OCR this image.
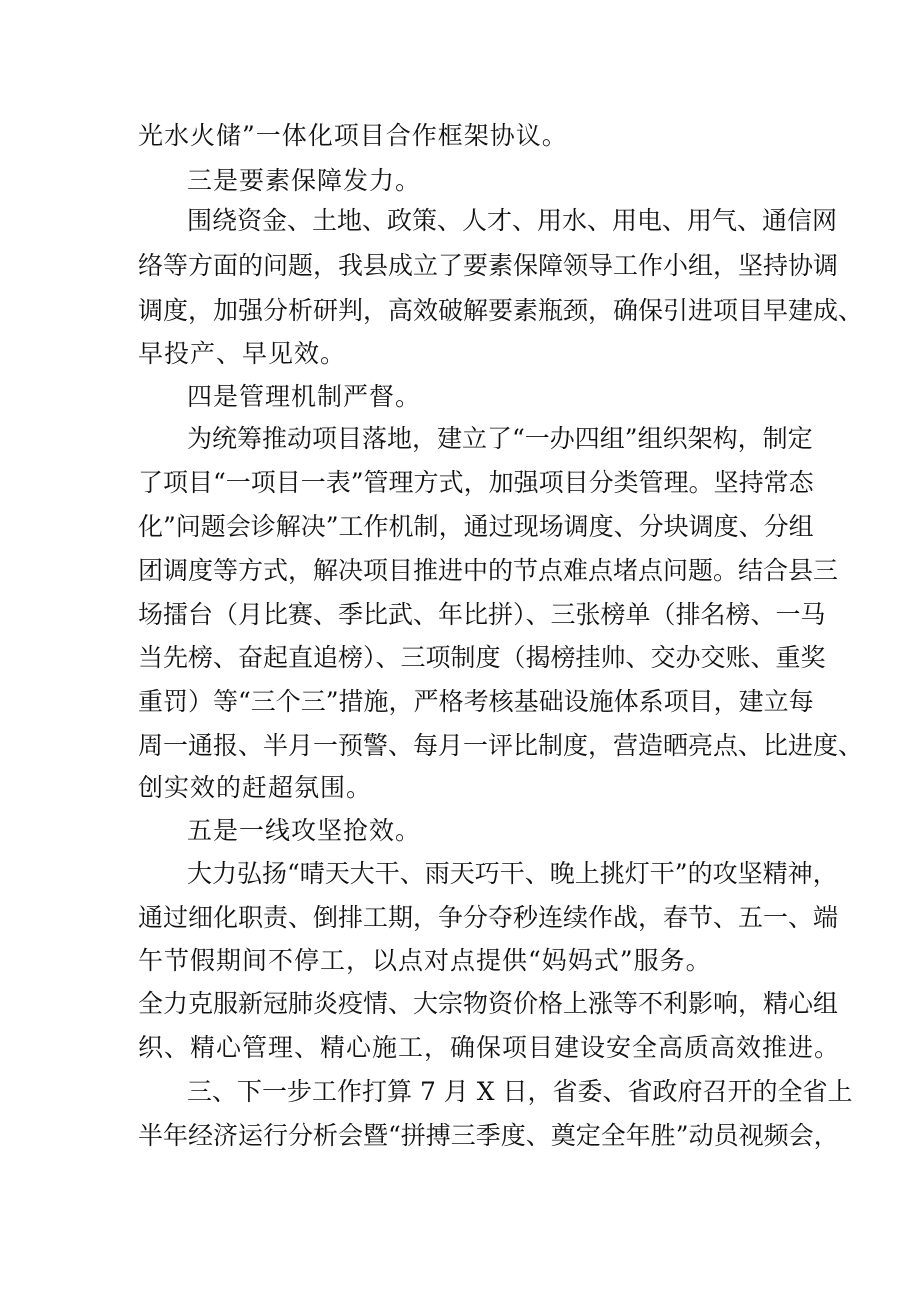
光水火储”一体化项目合作框架协议。

三是要素保障发力。

围绕资金、土地、政策、人才、用水、用电、用气、通信网

络等方面的问题，我县成立了要素保障领导工作小组，坚持协调

调度，加强分析研判，高效破解要素瓶颈，确保引进项目早建成、

早投产、早见效。

四是管理机制严督。

为统筹推动项目落地，建立了“一办四组”组织架构，制定

了项目“一项目一表”管理方式，加强项目分类管理。坚持常态

化”问题会诊解决”工作机制，通过现场调度、分块调度、分组

团调度等方式，解决项目推进中的节点难点堵点问题。结合县三

场擂台（月比赛、季比武、年比拼）、三张榜单（排名榜、一马

当先榜、奋起直追榜）、三项制度（揭榜挂帅、交办交账、重奖

重罚）等“三个三”措施，严格考核基础设施体系项目，建立每

周一通报、半月一预警、每月一评比制度，营造晒亮点、比进度、

创实效的赶超氛围。

五是一线攻坚抢效。

大力弘扬“晴天大干、雨天巧干、晚上挑灯干”的攻坚精神，

通过细化职责、倒排工期，争分夺秒连续作战，春节、五一、端

午节假期间不停工，以点对点提供“妈妈式”服务。

全力克服新冠肺炎疫情、大宗物资价格上涨等不利影响，精心组

织、精心管理、精心施工，确保项目建设安全高质高效推进。

三、下一步工作打算 7 月 X 日，省委、省政府召开的全省上

半年经济运行分析会暨“拼搏三季度、奠定全年胜”动员视频会，
